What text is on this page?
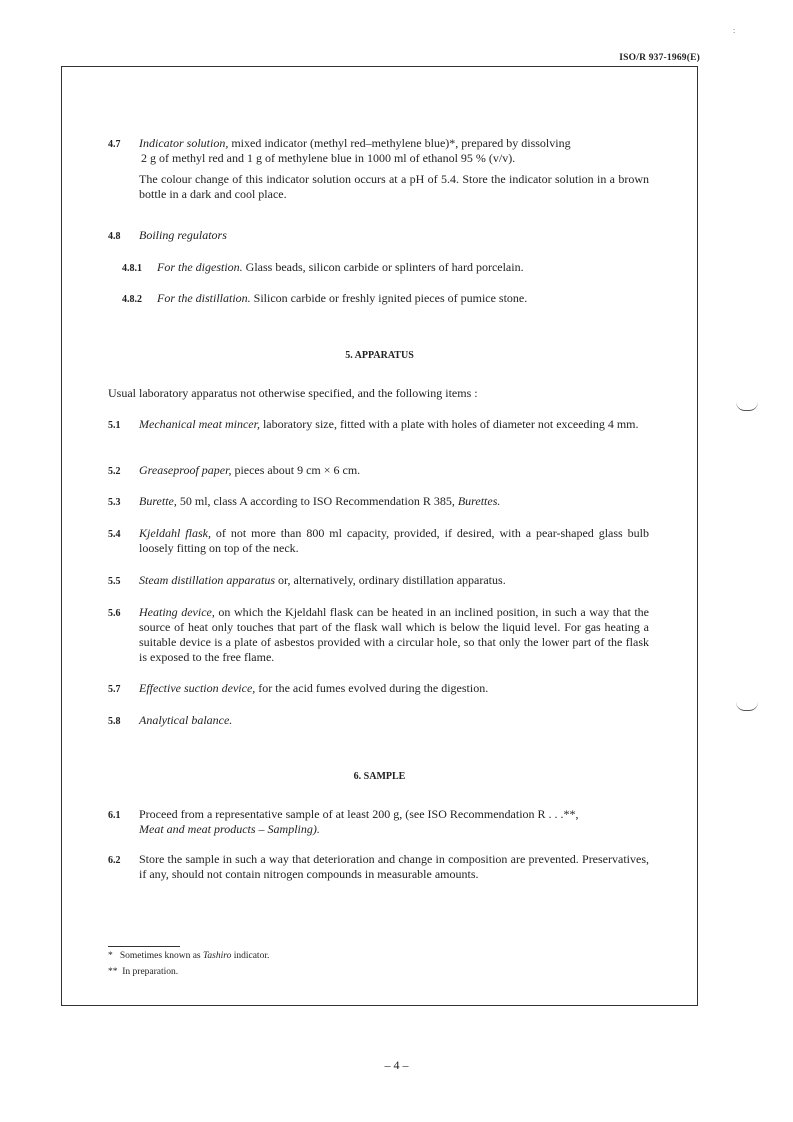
:
ISO/R 937-1969(E)
4.7	Indicator solution, mixed indicator (methyl red–methylene blue)*, prepared by dissolving
2 g of methyl red and 1 g of methylene blue in 1000 ml of ethanol 95 % (v/v).
The colour change of this indicator solution occurs at a pH of 5.4. Store the indicator solution in a brown bottle in a dark and cool place.
4.8	Boiling regulators
4.8.1	For the digestion. Glass beads, silicon carbide or splinters of hard porcelain.
4.8.2	For the distillation. Silicon carbide or freshly ignited pieces of pumice stone.
5. APPARATUS
Usual laboratory apparatus not otherwise specified, and the following items :
5.1	Mechanical meat mincer, laboratory size, fitted with a plate with holes of diameter not exceeding 4 mm.
5.2	Greaseproof paper, pieces about 9 cm × 6 cm.
5.3	Burette, 50 ml, class A according to ISO Recommendation R 385, Burettes.
5.4	Kjeldahl flask, of not more than 800 ml capacity, provided, if desired, with a pear-shaped glass bulb loosely fitting on top of the neck.
5.5	Steam distillation apparatus or, alternatively, ordinary distillation apparatus.
5.6	Heating device, on which the Kjeldahl flask can be heated in an inclined position, in such a way that the source of heat only touches that part of the flask wall which is below the liquid level. For gas heating a suitable device is a plate of asbestos provided with a circular hole, so that only the lower part of the flask is exposed to the free flame.
5.7	Effective suction device, for the acid fumes evolved during the digestion.
5.8	Analytical balance.
6. SAMPLE
6.1	Proceed from a representative sample of at least 200 g, (see ISO Recommendation R . . .**,
Meat and meat products – Sampling).
6.2	Store the sample in such a way that deterioration and change in composition are prevented. Preservatives, if any, should not contain nitrogen compounds in measurable amounts.
* Sometimes known as Tashiro indicator.
** In preparation.
– 4 –
